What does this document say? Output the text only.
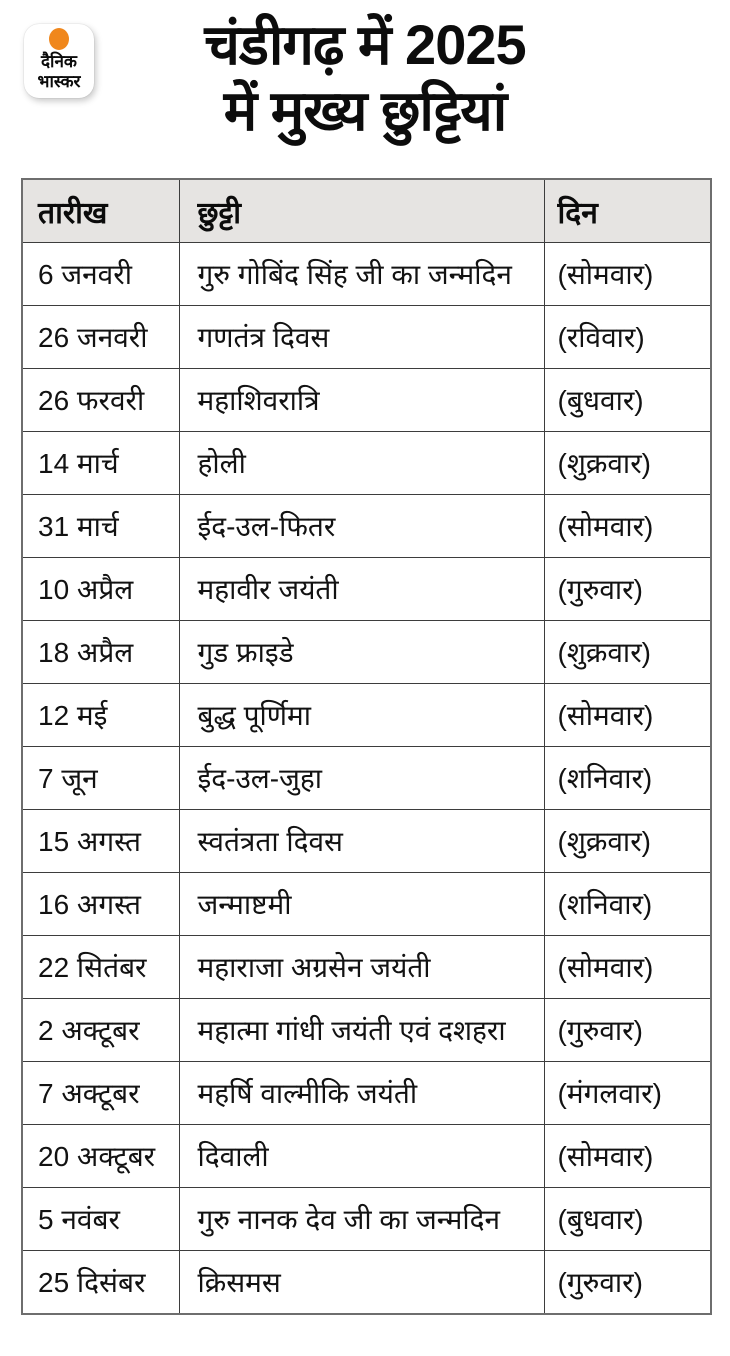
दैनिक
भास्कर
चंडीगढ़ में 2025
में मुख्य छुट्टियां
तारीख	छुट्टी	दिन
6 जनवरी	गुरु गोबिंद सिंह जी का जन्मदिन	(सोमवार)
26 जनवरी	गणतंत्र दिवस	(रविवार)
26 फरवरी	महाशिवरात्रि	(बुधवार)
14 मार्च	होली	(शुक्रवार)
31 मार्च	ईद-उल-फितर	(सोमवार)
10 अप्रैल	महावीर जयंती	(गुरुवार)
18 अप्रैल	गुड फ्राइडे	(शुक्रवार)
12 मई	बुद्ध पूर्णिमा	(सोमवार)
7 जून	ईद-उल-जुहा	(शनिवार)
15 अगस्त	स्वतंत्रता दिवस	(शुक्रवार)
16 अगस्त	जन्माष्टमी	(शनिवार)
22 सितंबर	महाराजा अग्रसेन जयंती	(सोमवार)
2 अक्टूबर	महात्मा गांधी जयंती एवं दशहरा	(गुरुवार)
7 अक्टूबर	महर्षि वाल्मीकि जयंती	(मंगलवार)
20 अक्टूबर	दिवाली	(सोमवार)
5 नवंबर	गुरु नानक देव जी का जन्मदिन	(बुधवार)
25 दिसंबर	क्रिसमस	(गुरुवार)
